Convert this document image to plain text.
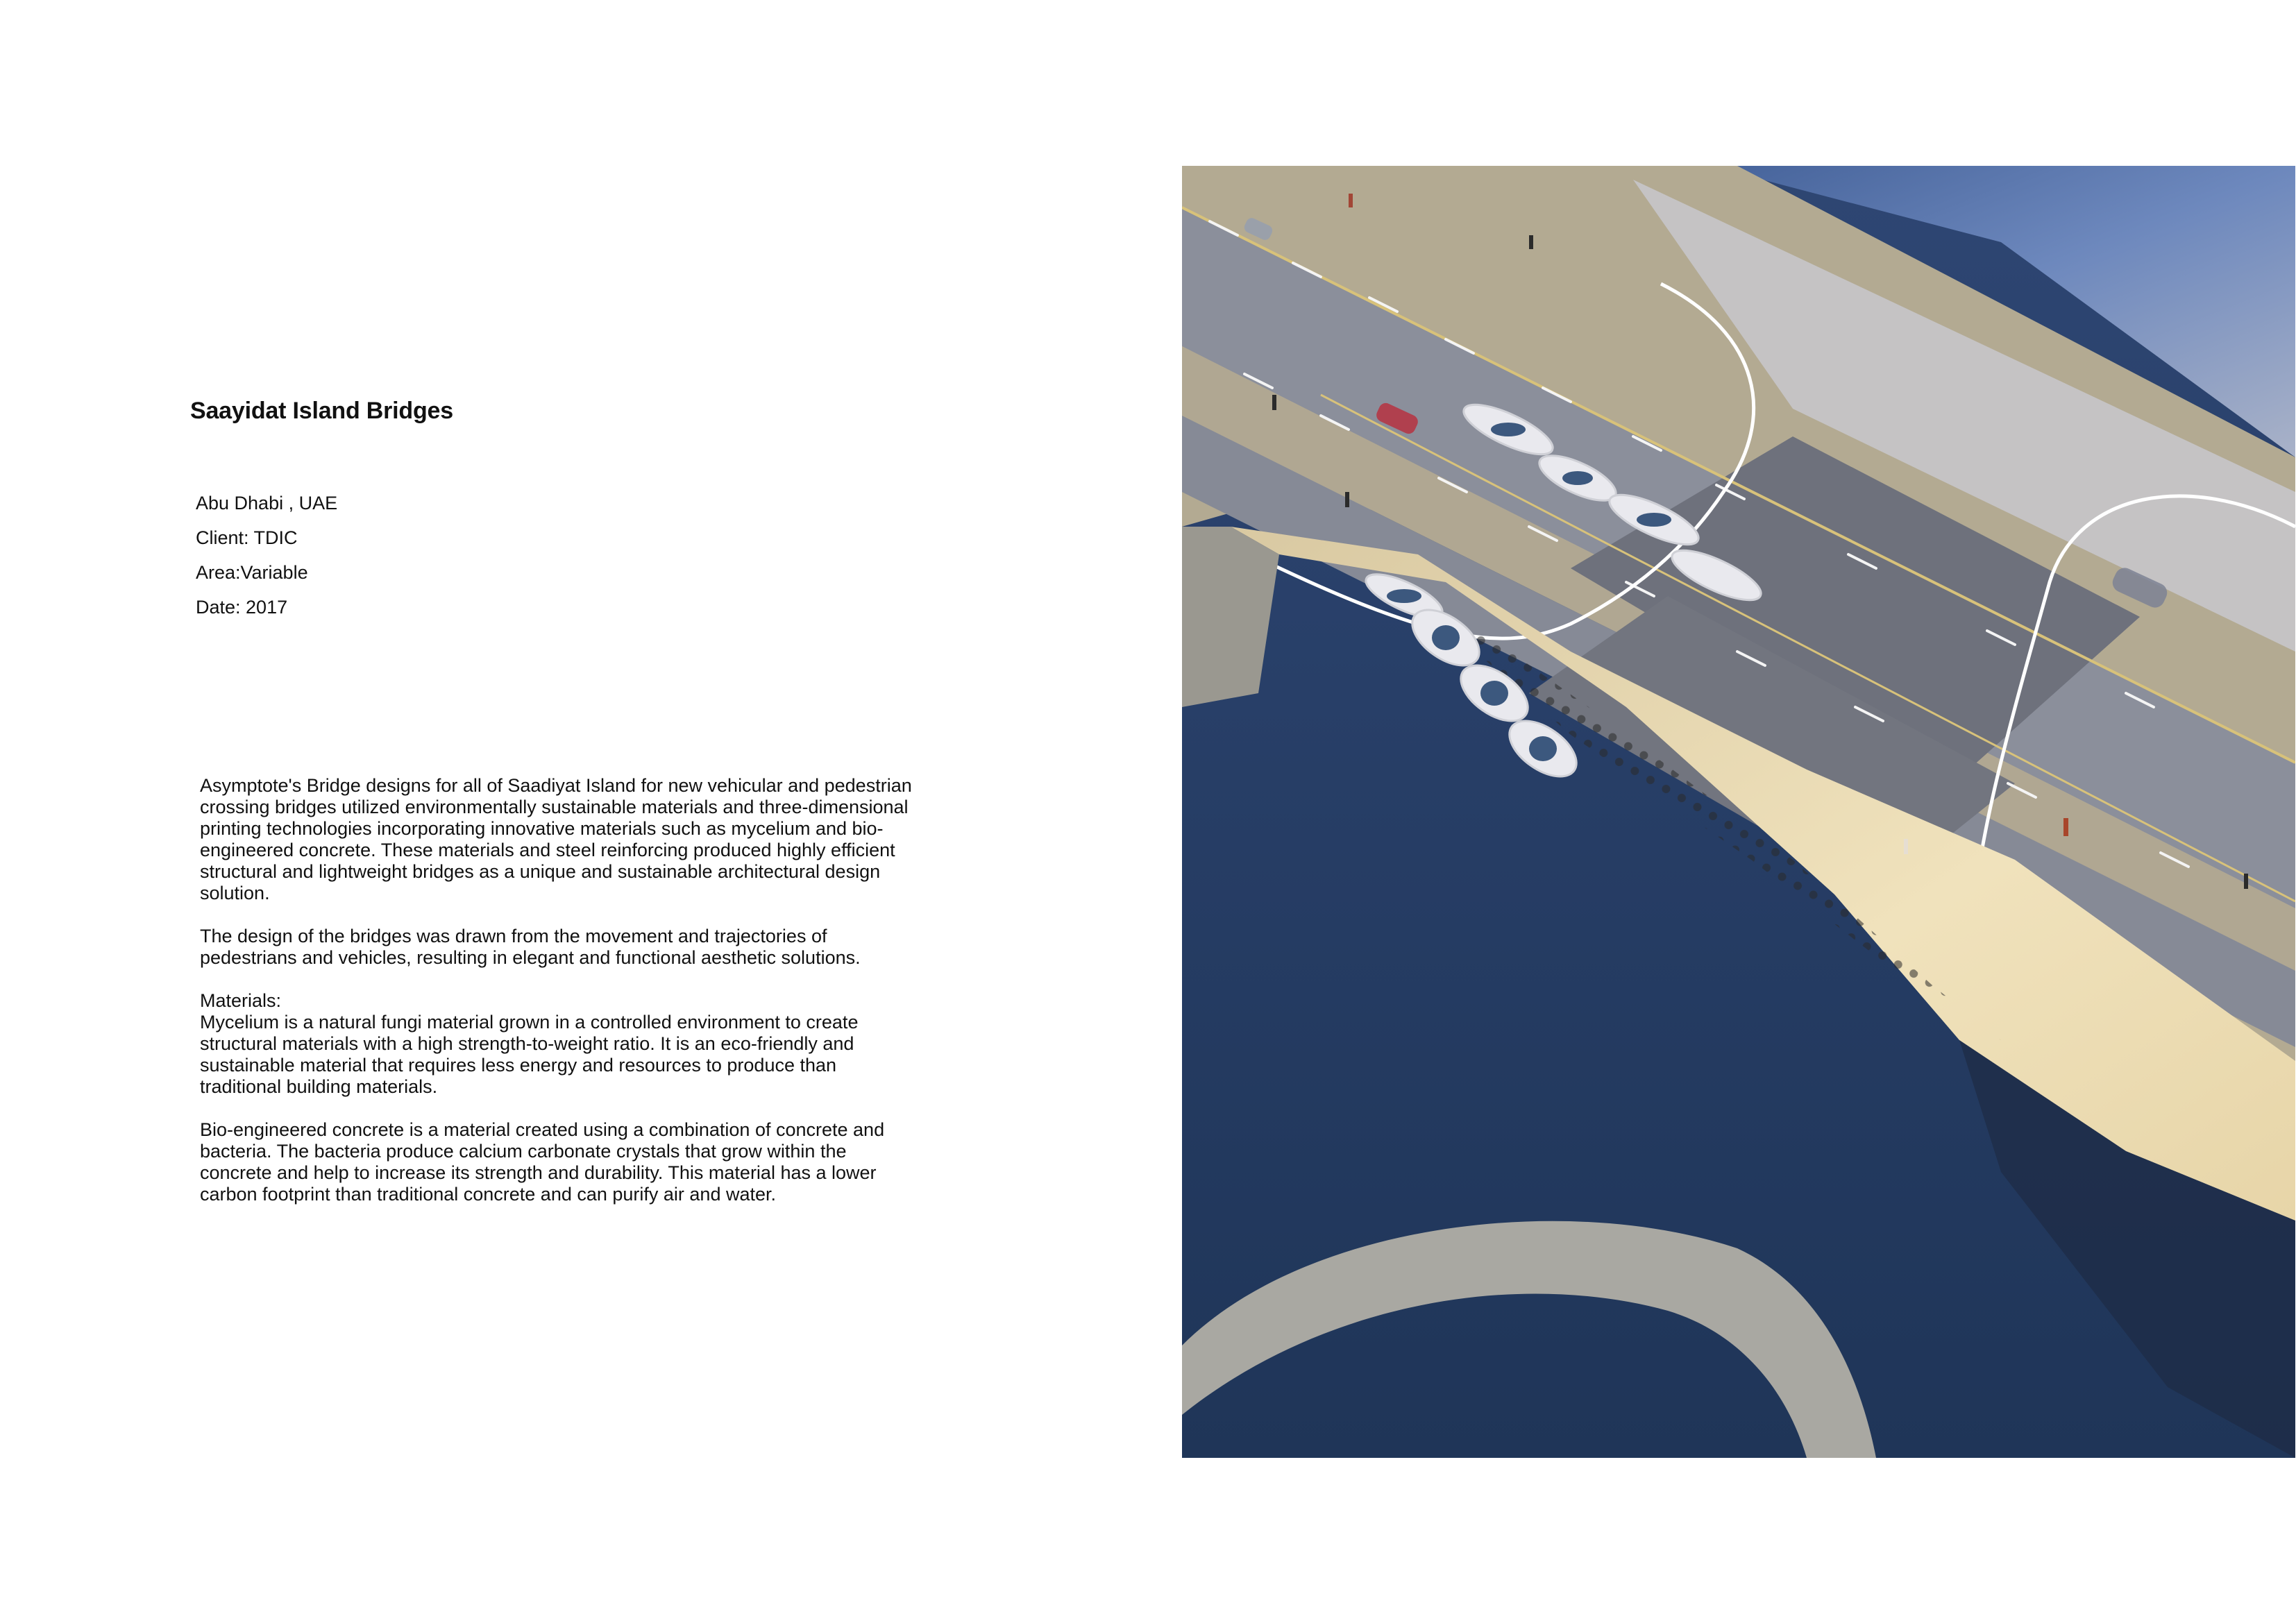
Saayidat Island Bridges
Abu Dhabi , UAE
Client: TDIC
Area:Variable
Date: 2017

Asymptote's Bridge designs for all of Saadiyat Island for new vehicular and pedestrian crossing bridges utilized environmentally sustainable materials and three-dimensional printing technologies incorporating innovative materials such as mycelium and bio-engineered concrete. These materials and steel reinforcing produced highly efficient structural and lightweight bridges as a unique and sustainable architectural design solution.

The design of the bridges was drawn from the movement and trajectories of pedestrians and vehicles, resulting in elegant and functional aesthetic solutions.

Materials:

Mycelium is a natural fungi material grown in a controlled environment to create structural materials with a high strength-to-weight ratio. It is an eco-friendly and sustainable material that requires less energy and resources to produce than traditional building materials.

Bio-engineered concrete is a material created using a combination of concrete and bacteria. The bacteria produce calcium carbonate crystals that grow within the concrete and help to increase its strength and durability. This material has a lower carbon footprint than traditional concrete and can purify air and water.
